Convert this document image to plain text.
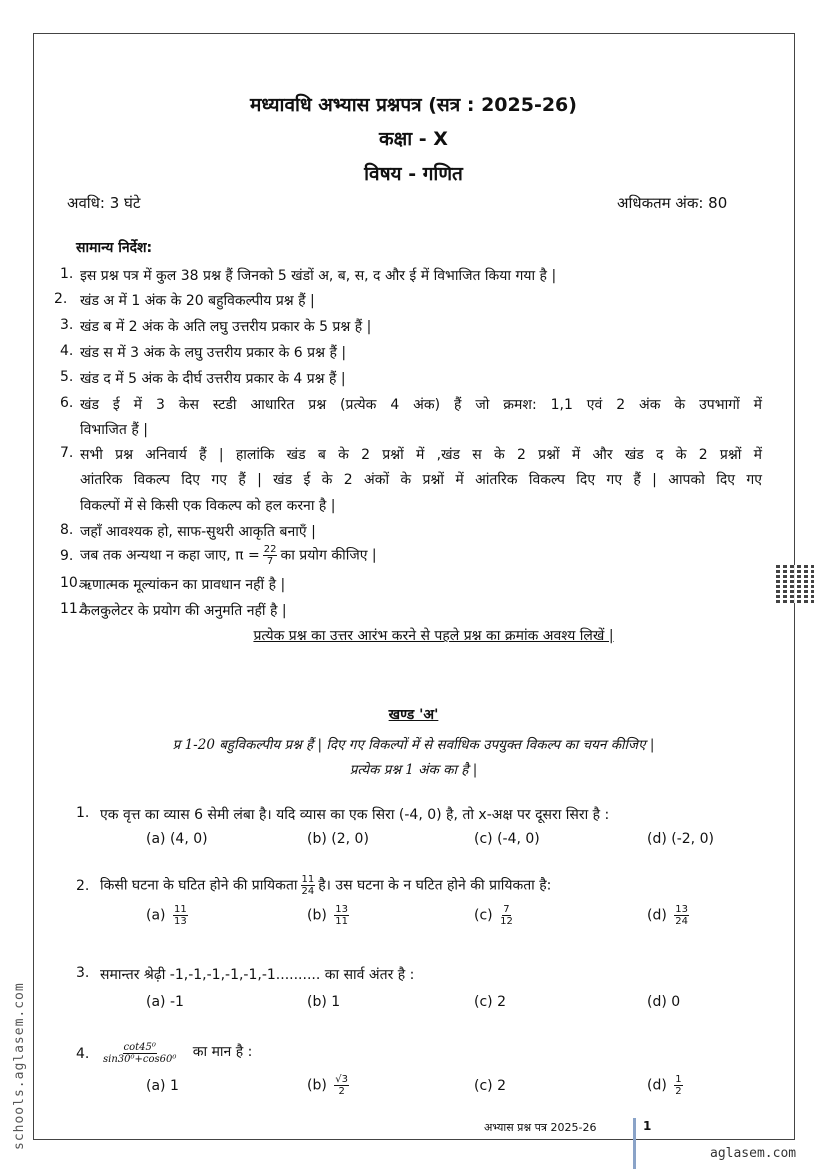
मध्यावधि अभ्यास प्रश्नपत्र (सत्र : 2025-26)
कक्षा - X
विषय - गणित
अवधि: 3 घंटे	अधिकतम अंक: 80
सामान्य निर्देश:
1. इस प्रश्न पत्र में कुल 38 प्रश्न हैं जिनको 5 खंडों अ, ब, स, द और ई में विभाजित किया गया है |
2. खंड अ में 1 अंक के 20 बहुविकल्पीय प्रश्न हैं |
3. खंड ब में 2 अंक के अति लघु उत्तरीय प्रकार के 5 प्रश्न हैं |
4. खंड स में 3 अंक के लघु उत्तरीय प्रकार के 6 प्रश्न हैं |
5. खंड द में 5 अंक के दीर्घ उत्तरीय प्रकार के 4 प्रश्न हैं |
6. खंड ई में 3 केस स्टडी आधारित प्रश्न (प्रत्येक 4 अंक) हैं जो क्रमश: 1,1 एवं 2 अंक के उपभागों में
विभाजित हैं |
7. सभी प्रश्न अनिवार्य हैं | हालांकि खंड ब के 2 प्रश्नों में ,खंड स के 2 प्रश्नों में और खंड द के 2 प्रश्नों में
आंतरिक विकल्प दिए गए हैं | खंड ई के 2 अंकों के प्रश्नों में आंतरिक विकल्प दिए गए हैं | आपको दिए गए
विकल्पों में से किसी एक विकल्प को हल करना है |
8. जहाँ आवश्यक हो, साफ-सुथरी आकृति बनाएँ |
9. जब तक अन्यथा न कहा जाए, $\pi = \frac{22}{7}$ का प्रयोग कीजिए |
10.
ऋणात्मक मूल्यांकन का प्रावधान नहीं है |
11.
कैलकुलेटर के प्रयोग की अनुमति नहीं है |
प्रत्येक प्रश्न का उत्तर आरंभ करने से पहले प्रश्न का क्रमांक अवश्य लिखें |
खण्ड 'अ'
प्र 1-20 बहुविकल्पीय प्रश्न हैं | दिए गए विकल्पों में से सर्वाधिक उपयुक्त विकल्प का चयन कीजिए |
प्रत्येक प्रश्न 1 अंक का है |
1. एक वृत्त का व्यास 6 सेमी लंबा है। यदि व्यास का एक सिरा (-4, 0) है, तो x-अक्ष पर दूसरा सिरा है :
(a) (4, 0)	(b) (2, 0)	(c) (-4, 0)	(d) (-2, 0)
2. किसी घटना के घटित होने की प्रायिकता $\frac{11}{24}$ है। उस घटना के न घटित होने की प्रायिकता है:
$(a) \frac{11}{13}$	$(b) \frac{13}{11}$	$(c) \frac{7}{12}$	$(d) \frac{13}{24}$
3. समान्तर श्रेढ़ी -1,-1,-1,-1,-1,-1.......... का सार्व अंतर है :
(a) -1	(b) 1	(c) 2	(d) 0
4. $\frac{\text{cot45⁰}}{\text{sin30⁰+cos60⁰}}$ का मान है :
(a) 1	$(b) \frac{√3}{2}$	(c) 2	$(d) \frac{1}{2}$
अभ्यास प्रश्न पत्र 2025-26	1
schools.aglasem.com
aglasem.com
